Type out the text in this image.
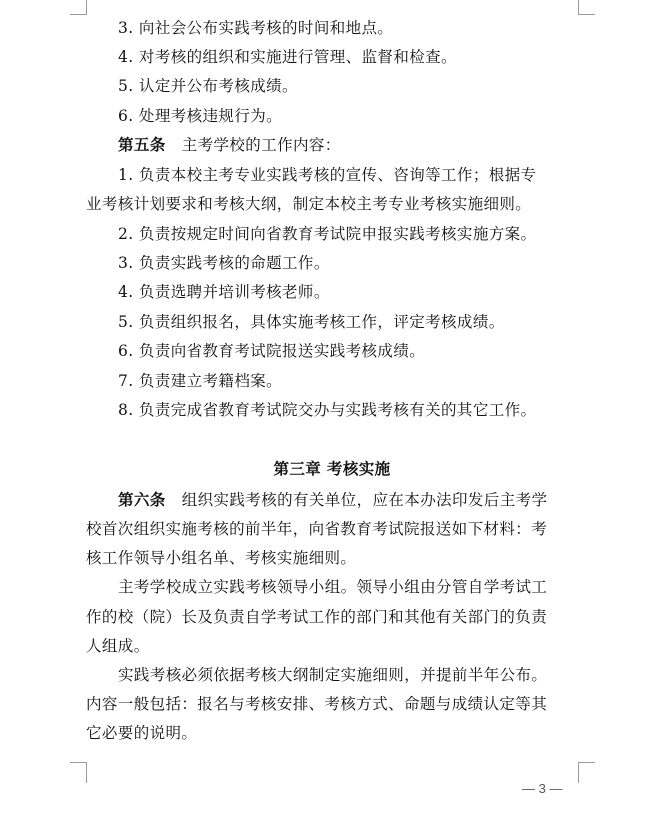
3. 向社会公布实践考核的时间和地点。
4. 对考核的组织和实施进行管理、监督和检查。
5. 认定并公布考核成绩。
6. 处理考核违规行为。
第五条 主考学校的工作内容：
1. 负责本校主考专业实践考核的宣传、咨询等工作；根据专
业考核计划要求和考核大纲，制定本校主考专业考核实施细则。
2. 负责按规定时间向省教育考试院申报实践考核实施方案。
3. 负责实践考核的命题工作。
4. 负责选聘并培训考核老师。
5. 负责组织报名，具体实施考核工作，评定考核成绩。
6. 负责向省教育考试院报送实践考核成绩。
7. 负责建立考籍档案。
8. 负责完成省教育考试院交办与实践考核有关的其它工作。
第三章 考核实施
第六条 组织实践考核的有关单位，应在本办法印发后主考学
校首次组织实施考核的前半年，向省教育考试院报送如下材料：考
核工作领导小组名单、考核实施细则。
主考学校成立实践考核领导小组。领导小组由分管自学考试工
作的校（院）长及负责自学考试工作的部门和其他有关部门的负责
人组成。
实践考核必须依据考核大纲制定实施细则，并提前半年公布。
内容一般包括：报名与考核安排、考核方式、命题与成绩认定等其
它必要的说明。
— 3 —
